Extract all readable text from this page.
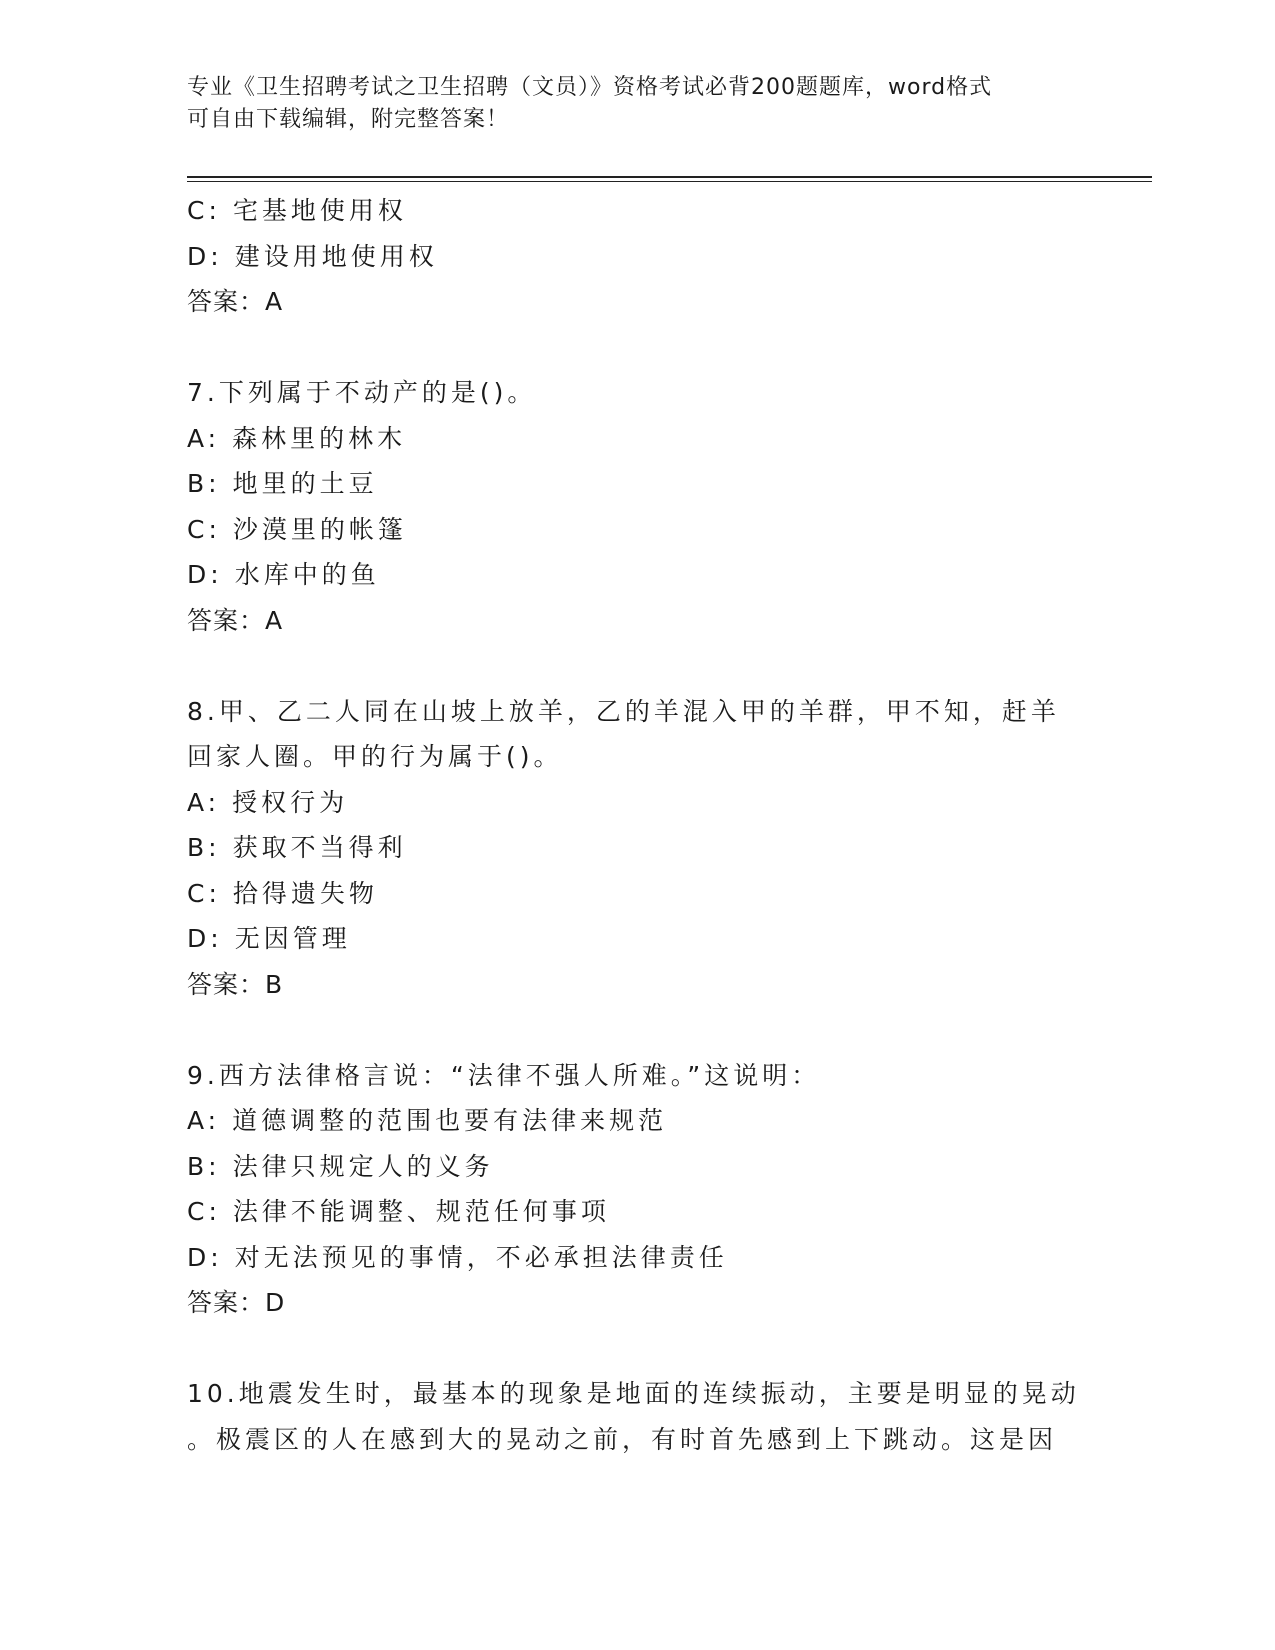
专业《卫生招聘考试之卫生招聘（文员）》资格考试必背200题题库，word格式
可自由下载编辑，附完整答案！
C: 宅基地使用权
D: 建设用地使用权
答案：A
7.下列属于不动产的是()。
A: 森林里的林木
B: 地里的土豆
C: 沙漠里的帐篷
D: 水库中的鱼
答案：A
8.甲、乙二人同在山坡上放羊，乙的羊混入甲的羊群，甲不知，赶羊
回家人圈。甲的行为属于()。
A: 授权行为
B: 获取不当得利
C: 拾得遗失物
D: 无因管理
答案：B
9.西方法律格言说：“法律不强人所难。”这说明：
A: 道德调整的范围也要有法律来规范
B: 法律只规定人的义务
C: 法律不能调整、规范任何事项
D: 对无法预见的事情，不必承担法律责任
答案：D
10.地震发生时，最基本的现象是地面的连续振动，主要是明显的晃动
。极震区的人在感到大的晃动之前，有时首先感到上下跳动。这是因
